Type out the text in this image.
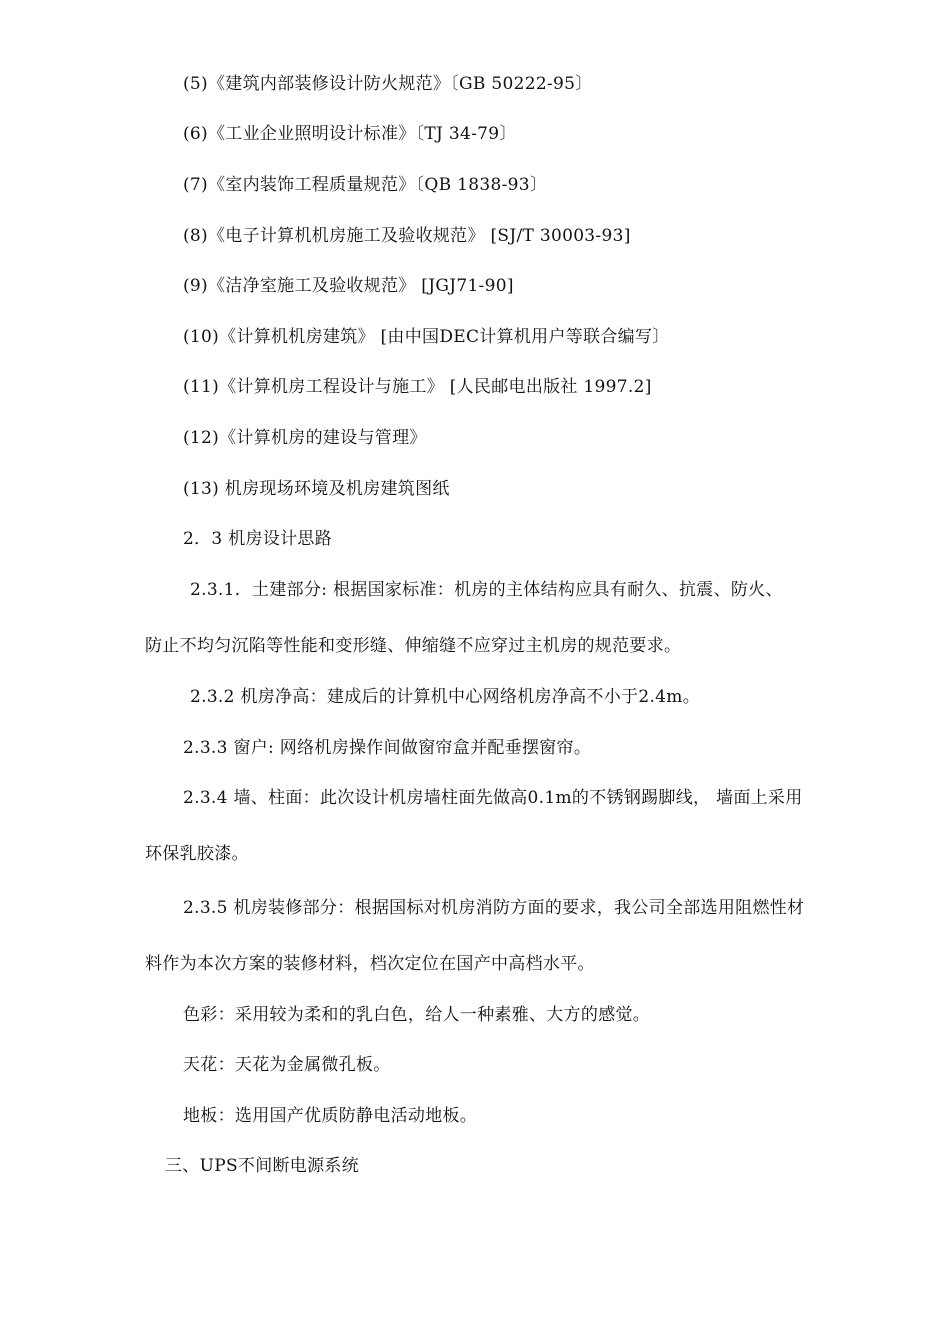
(5)《建筑内部装修设计防火规范》〔GB 50222-95〕
(6)《工业企业照明设计标准》〔TJ 34-79〕
(7)《室内装饰工程质量规范》〔QB 1838-93〕
(8)《电子计算机机房施工及验收规范》 [SJ/T 30003-93]
(9)《洁净室施工及验收规范》 [JGJ71-90]
(10)《计算机机房建筑》 [由中国DEC计算机用户等联合编写〕
(11)《计算机房工程设计与施工》 [人民邮电出版社 1997.2]
(12)《计算机房的建设与管理》
(13) 机房现场环境及机房建筑图纸
2．3 机房设计思路
2.3.1．土建部分: 根据国家标准：机房的主体结构应具有耐久、抗震、防火、
防止不均匀沉陷等性能和变形缝、伸缩缝不应穿过主机房的规范要求。
2.3.2 机房净高：建成后的计算机中心网络机房净高不小于2.4m。
2.3.3 窗户: 网络机房操作间做窗帘盒并配垂摆窗帘。
2.3.4 墙、柱面：此次设计机房墙柱面先做高0.1m的不锈钢踢脚线， 墙面上采用
环保乳胶漆。
2.3.5 机房装修部分：根据国标对机房消防方面的要求，我公司全部选用阻燃性材
料作为本次方案的装修材料，档次定位在国产中高档水平。
色彩：采用较为柔和的乳白色，给人一种素雅、大方的感觉。
天花：天花为金属微孔板。
地板：选用国产优质防静电活动地板。
三、UPS不间断电源系统
